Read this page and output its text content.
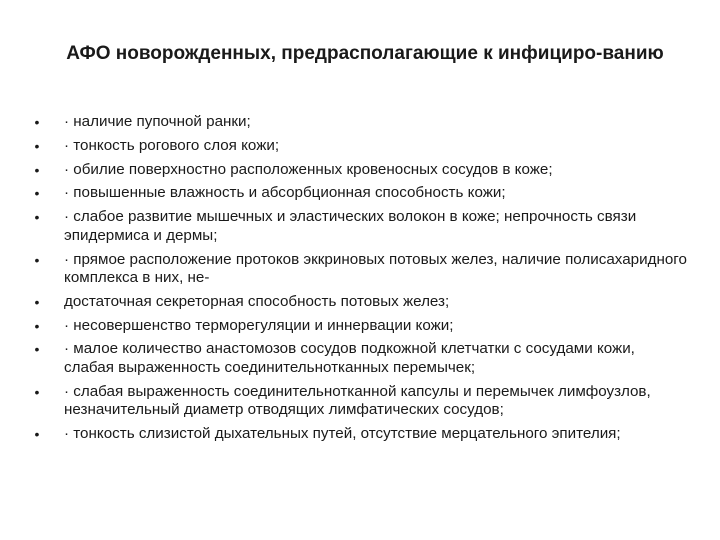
АФО новорожденных, предрасполагающие к инфициро-ванию
• · наличие пупочной ранки;
• · тонкость рогового слоя кожи;
• · обилие поверхностно расположенных кровеносных сосудов в коже;
• · повышенные влажность и абсорбционная способность кожи;
• · слабое развитие мышечных и эластических волокон в коже; непрочность связи эпидермиса и дермы;
• · прямое расположение протоков эккриновых потовых желез, наличие полисахаридного комплекса в них, не-
• достаточная секреторная способность потовых желез;
• · несовершенство терморегуляции и иннервации кожи;
• · малое количество анастомозов сосудов подкожной клетчатки с сосудами кожи, слабая выраженность соединительнотканных перемычек;
• · слабая выраженность соединительнотканной капсулы и перемычек лимфоузлов, незначительный диаметр отводящих лимфатических сосудов;
• · тонкость слизистой дыхательных путей, отсутствие мерцательного эпителия;
